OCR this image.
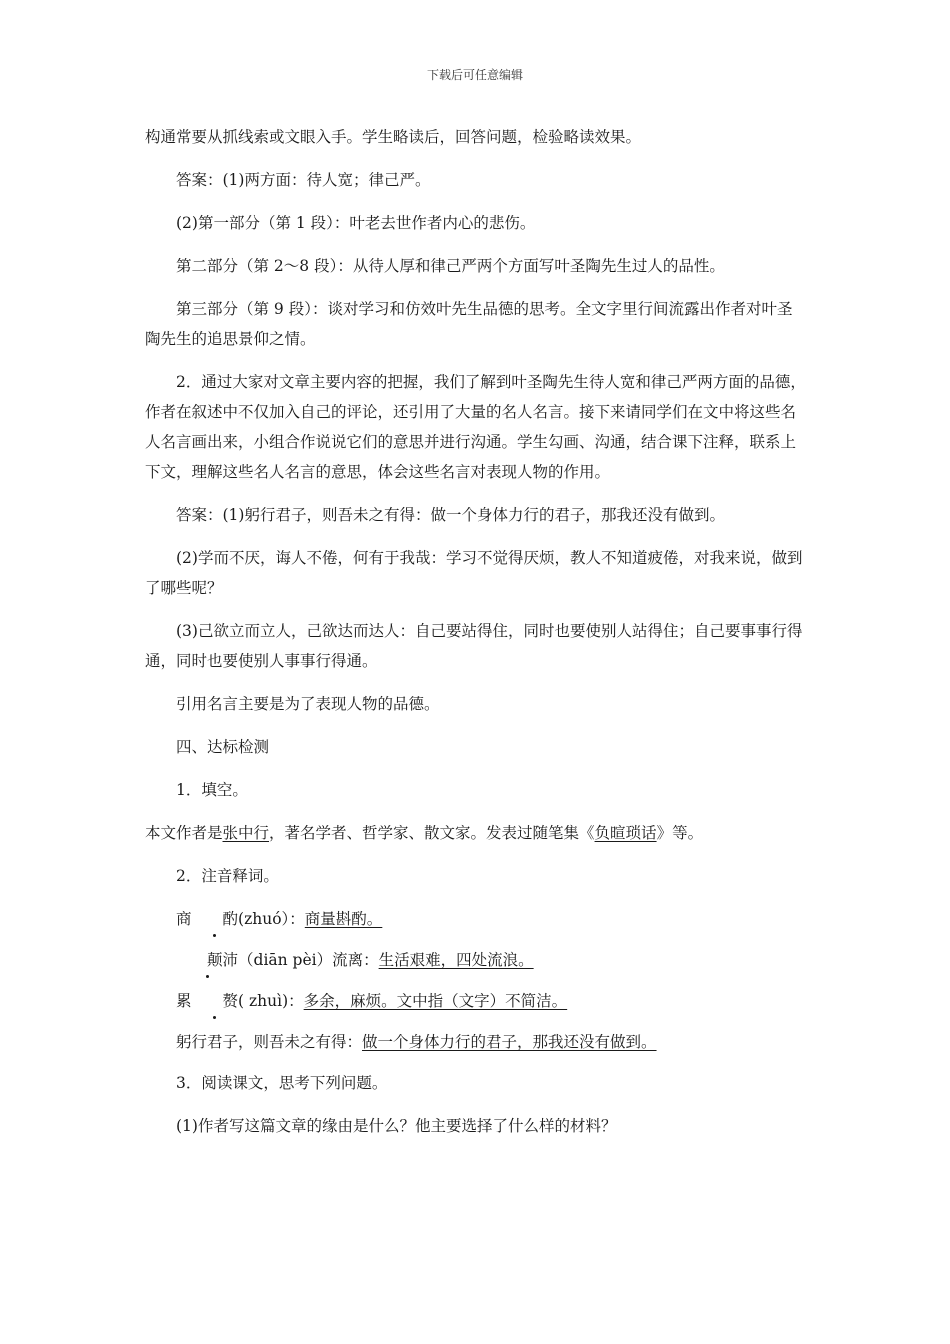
下载后可任意编辑

构通常要从抓线索或文眼入手。学生略读后，回答问题，检验略读效果。

答案：(1)两方面：待人宽；律己严。

(2)第一部分（第 1 段）：叶老去世作者内心的悲伤。

第二部分（第 2～8 段）：从待人厚和律己严两个方面写叶圣陶先生过人的品性。

第三部分（第 9 段）：谈对学习和仿效叶先生品德的思考。全文字里行间流露出作者对叶圣陶先生的追思景仰之情。

2．通过大家对文章主要内容的把握，我们了解到叶圣陶先生待人宽和律己严两方面的品德，作者在叙述中不仅加入自己的评论，还引用了大量的名人名言。接下来请同学们在文中将这些名人名言画出来，小组合作说说它们的意思并进行沟通。学生勾画、沟通，结合课下注释，联系上下文，理解这些名人名言的意思，体会这些名言对表现人物的作用。

答案：(1)躬行君子，则吾未之有得：做一个身体力行的君子，那我还没有做到。

(2)学而不厌，诲人不倦，何有于我哉：学习不觉得厌烦，教人不知道疲倦，对我来说，做到了哪些呢？

(3)己欲立而立人，己欲达而达人：自己要站得住，同时也要使别人站得住；自己要事事行得通，同时也要使别人事事行得通。

引用名言主要是为了表现人物的品德。

四、达标检测

1．填空。

本文作者是张中行，著名学者、哲学家、散文家。发表过随笔集《负暄琐话》等。

2．注音释词。

商 酌(zhuó）：商量斟酌。

颠沛（diān pèi）流离：生活艰难，四处流浪。

累 赘( zhuì)：多余，麻烦。文中指（文字）不简洁。

躬行君子，则吾未之有得：做一个身体力行的君子，那我还没有做到。

3．阅读课文，思考下列问题。

(1)作者写这篇文章的缘由是什么？他主要选择了什么样的材料？
